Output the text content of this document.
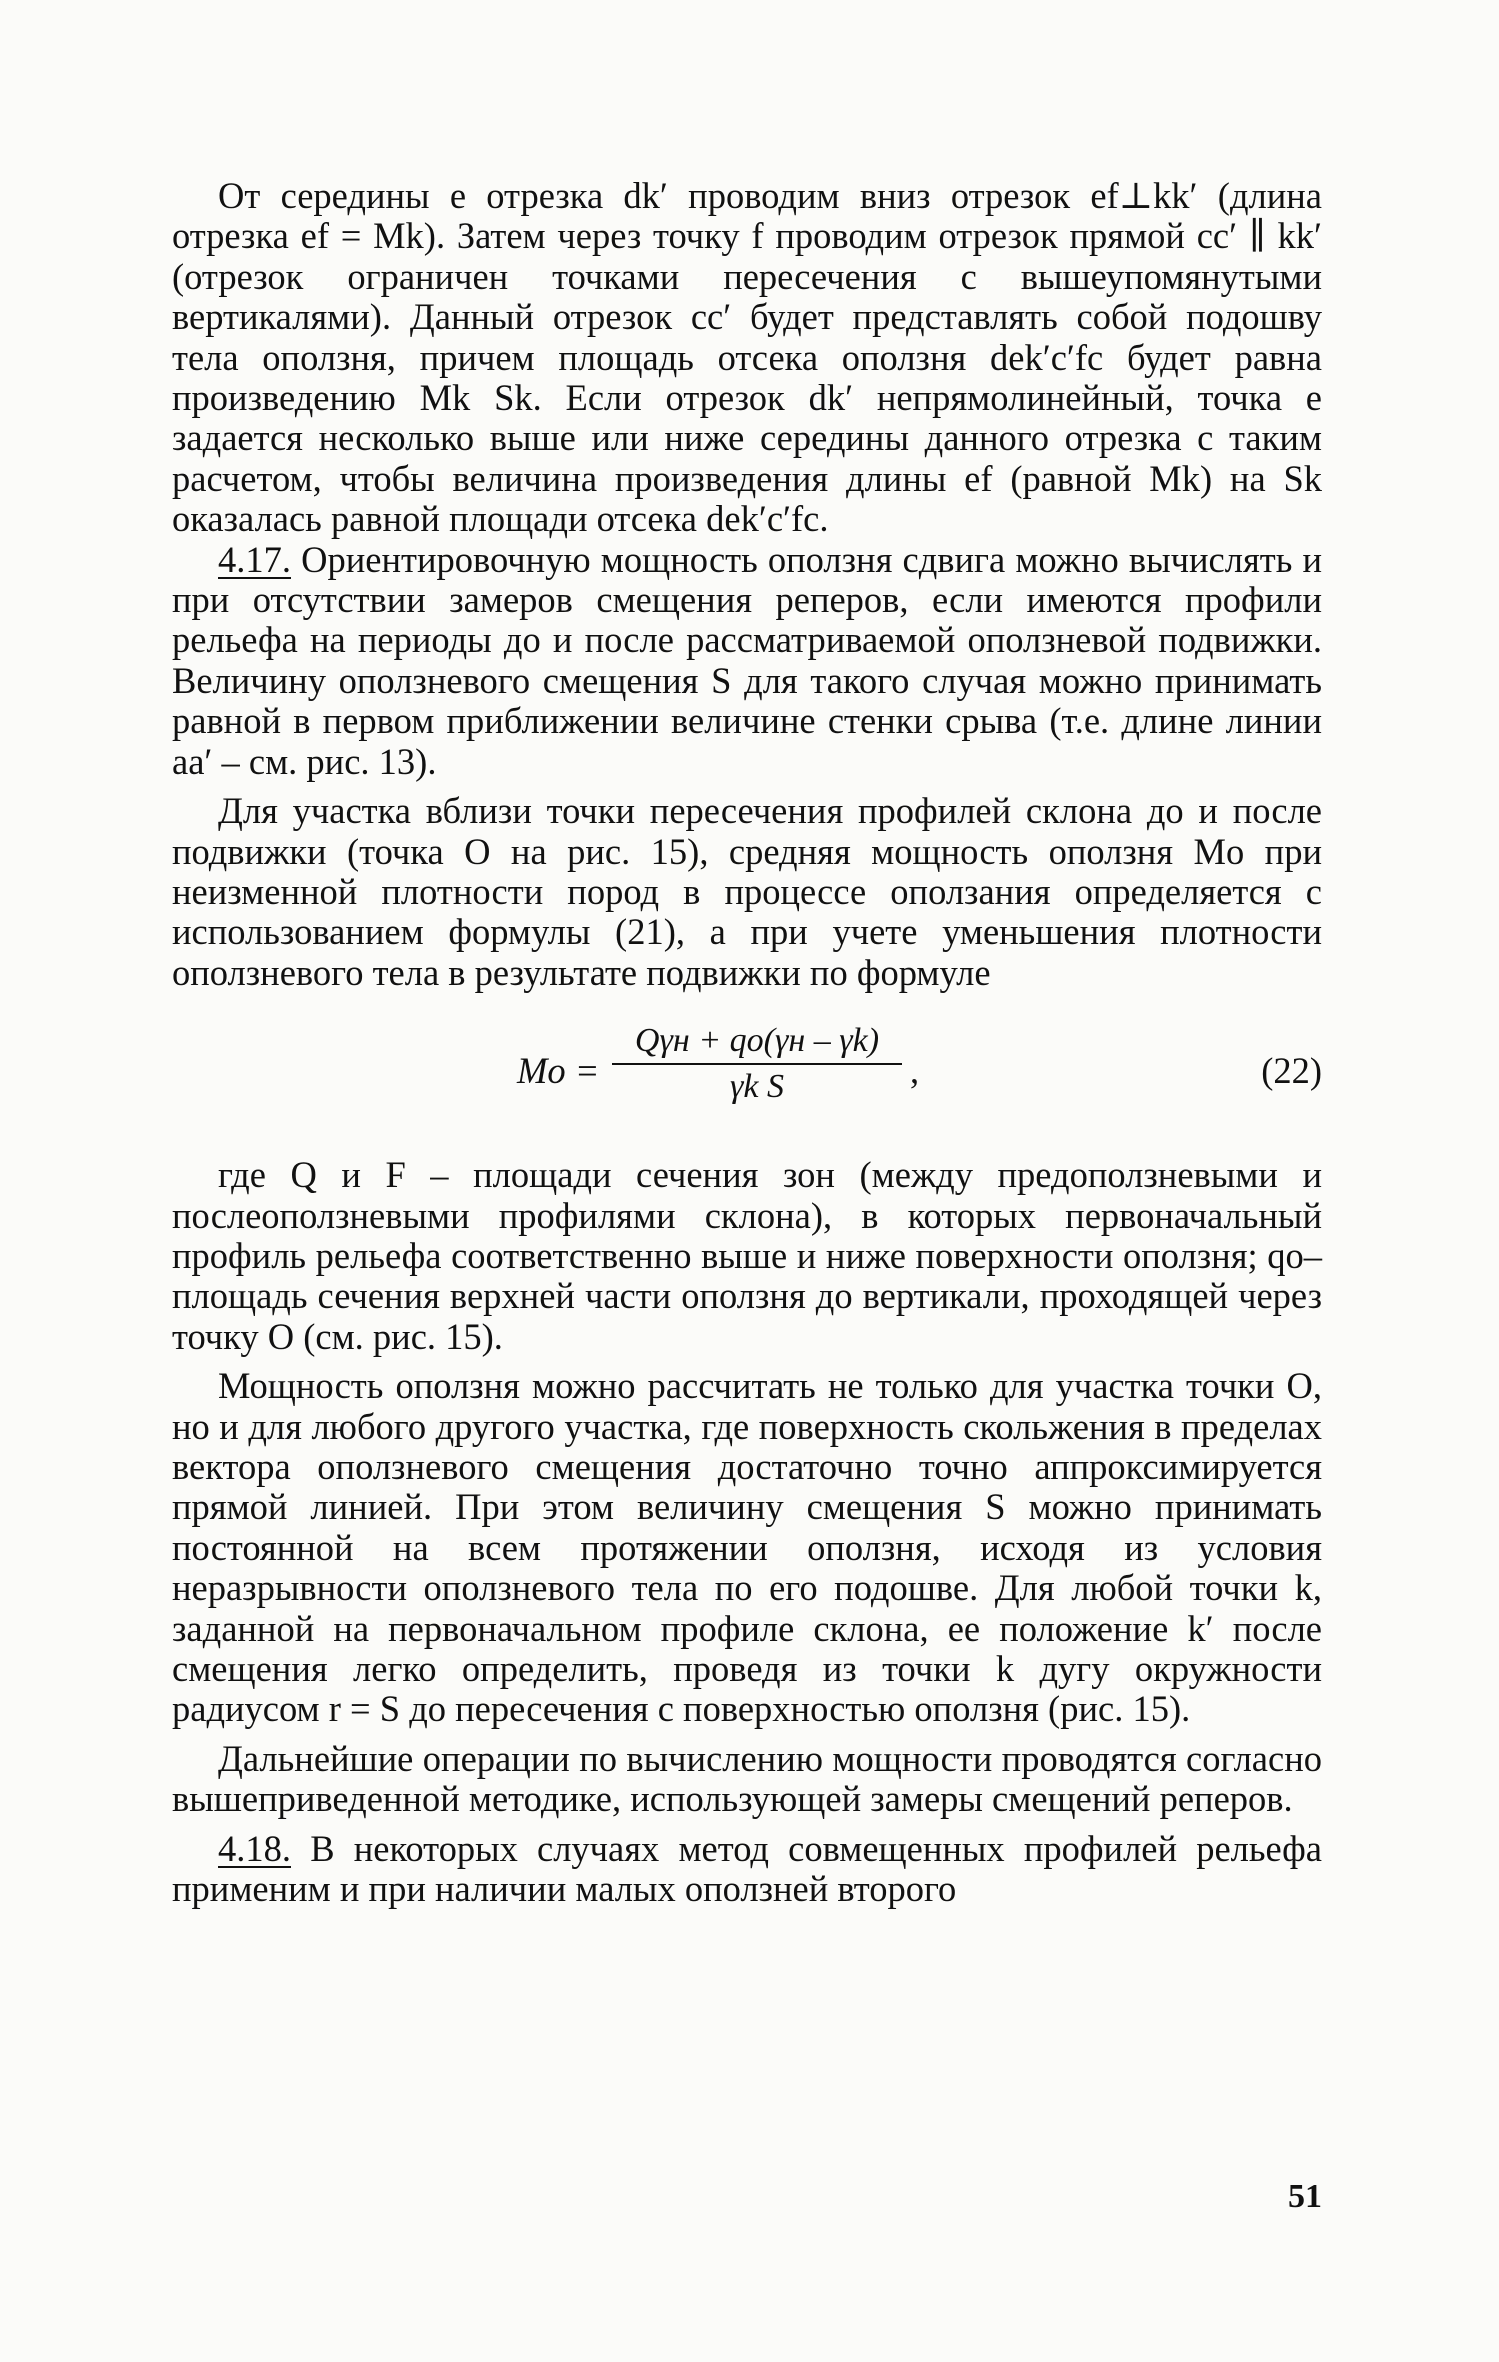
От середины e отрезка dk′ проводим вниз отрезок ef⊥kk′ (длина отрезка ef = Mk). Затем через точку f проводим отрезок прямой cc′ ∥ kk′ (отрезок ограничен точками пересечения с вышеупомянутыми вертикалями). Данный отрезок cc′ будет представлять собой подошву тела оползня, причем площадь отсека оползня dek′c′fc будет равна произведению Mk Sk. Если отрезок dk′ непрямолинейный, точка e задается несколько выше или ниже середины данного отрезка с таким расчетом, чтобы величина произведения длины ef (равной Mk) на Sk оказалась равной площади отсека dek′c′fc.

4.17. Ориентировочную мощность оползня сдвига можно вычислять и при отсутствии замеров смещения реперов, если имеются профили рельефа на периоды до и после рассматриваемой оползневой подвижки. Величину оползневого смещения S для такого случая можно принимать равной в первом приближении величине стенки срыва (т.е. длине линии aa′ – см. рис. 13).

Для участка вблизи точки пересечения профилей склона до и после подвижки (точка O на рис. 15), средняя мощность оползня Mo при неизменной плотности пород в процессе оползания определяется с использованием формулы (21), а при учете уменьшения плотности оползневого тела в результате подвижки по формуле

Mo =
Qγн + qo(γн – γk)
γk S	,	(22)

где Q и F – площади сечения зон (между предоползневыми и послеоползневыми профилями склона), в которых первоначальный профиль рельефа соответственно выше и ниже поверхности оползня; qo– площадь сечения верхней части оползня до вертикали, проходящей через точку O (см. рис. 15).

Мощность оползня можно рассчитать не только для участка точки O, но и для любого другого участка, где поверхность скольжения в пределах вектора оползневого смещения достаточно точно аппроксимируется прямой линией. При этом величину смещения S можно принимать постоянной на всем протяжении оползня, исходя из условия неразрывности оползневого тела по его подошве. Для любой точки k, заданной на первоначальном профиле склона, ее положение k′ после смещения легко определить, проведя из точки k дугу окружности радиусом r = S до пересечения с поверхностью оползня (рис. 15).

Дальнейшие операции по вычислению мощности проводятся согласно вышеприведенной методике, использующей замеры смещений реперов.

4.18. В некоторых случаях метод совмещенных профилей рельефа применим и при наличии малых оползней второго

51
